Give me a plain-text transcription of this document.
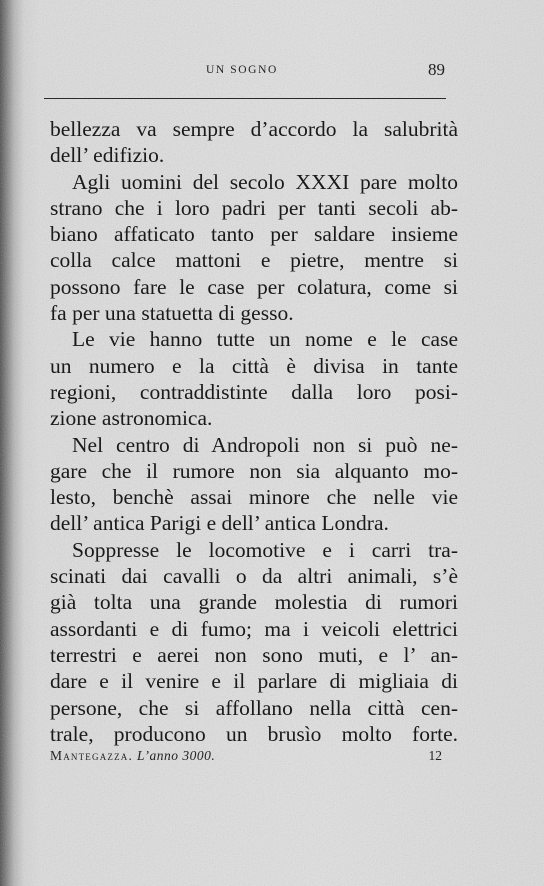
UN SOGNO	89
bellezza va sempre d’accordo la salubrità
dell’ edifizio.
Agli uomini del secolo XXXI pare molto
strano che i loro padri per tanti secoli ab-
biano affaticato tanto per saldare insieme
colla calce mattoni e pietre, mentre si
possono fare le case per colatura, come si
fa per una statuetta di gesso.
Le vie hanno tutte un nome e le case
un numero e la città è divisa in tante
regioni, contraddistinte dalla loro posi-
zione astronomica.
Nel centro di Andropoli non si può ne-
gare che il rumore non sia alquanto mo-
lesto, benchè assai minore che nelle vie
dell’ antica Parigi e dell’ antica Londra.
Soppresse le locomotive e i carri tra-
scinati dai cavalli o da altri animali, s’è
già tolta una grande molestia di rumori
assordanti e di fumo; ma i veicoli elettrici
terrestri e aerei non sono muti, e l’ an-
dare e il venire e il parlare di migliaia di
persone, che si affollano nella città cen-
trale, producono un brusìo molto forte.
Mantegazza. L’anno 3000.	12
